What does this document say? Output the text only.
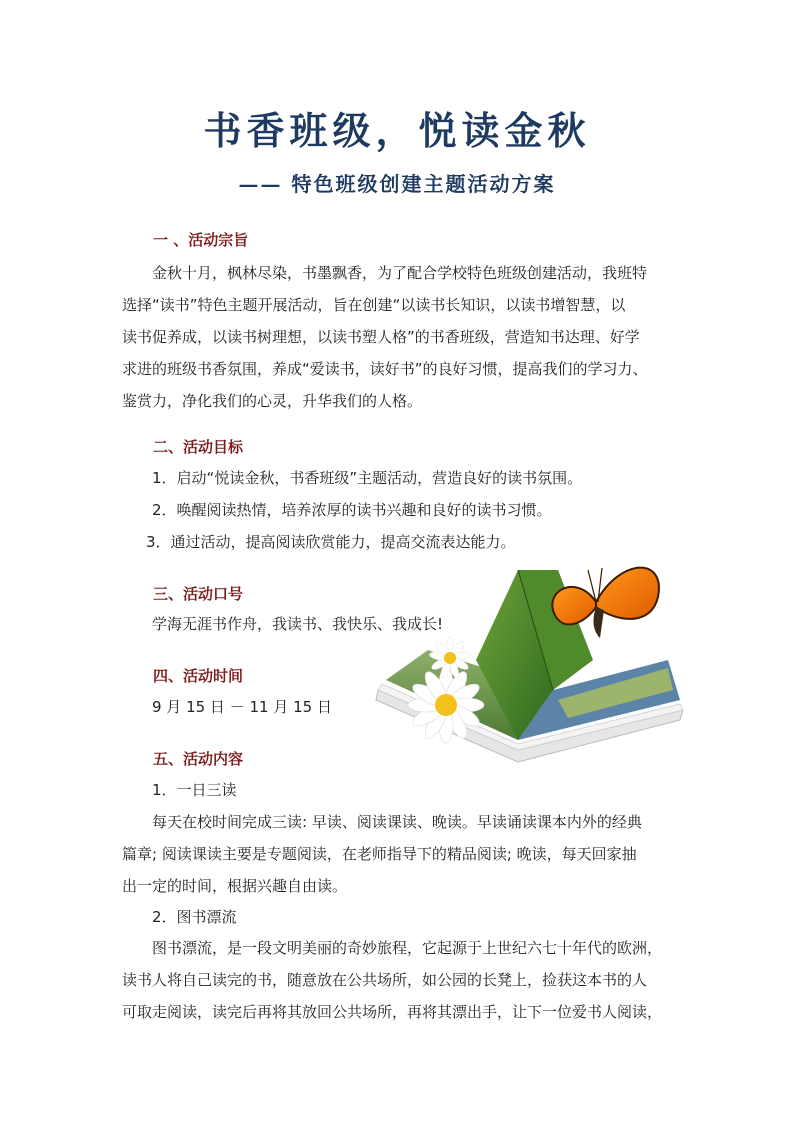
书香班级，悦读金秋
—— 特色班级创建主题活动方案
一 、活动宗旨
金秋十月，枫林尽染，书墨飘香，为了配合学校特色班级创建活动，我班特
选择“读书”特色主题开展活动，旨在创建“以读书长知识，以读书增智慧，以
读书促养成，以读书树理想，以读书塑人格”的书香班级，营造知书达理、好学
求进的班级书香氛围，养成“爱读书，读好书”的良好习惯，提高我们的学习力、
鉴赏力，净化我们的心灵，升华我们的人格。
二、活动目标
1．启动“悦读金秋，书香班级”主题活动，营造良好的读书氛围。
2．唤醒阅读热情，培养浓厚的读书兴趣和良好的读书习惯。
3．通过活动，提高阅读欣赏能力，提高交流表达能力。
三、活动口号
学海无涯书作舟，我读书、我快乐、我成长!
四、活动时间
9 月 15 日 － 11 月 15 日
五、活动内容
1．一日三读
每天在校时间完成三读: 早读、阅读课读、晚读。早读诵读课本内外的经典
篇章; 阅读课读主要是专题阅读，在老师指导下的精品阅读; 晚读，每天回家抽
出一定的时间，根据兴趣自由读。
2．图书漂流
图书漂流，是一段文明美丽的奇妙旅程，它起源于上世纪六七十年代的欧洲，
读书人将自己读完的书，随意放在公共场所，如公园的长凳上，捡获这本书的人
可取走阅读，读完后再将其放回公共场所，再将其漂出手，让下一位爱书人阅读，
